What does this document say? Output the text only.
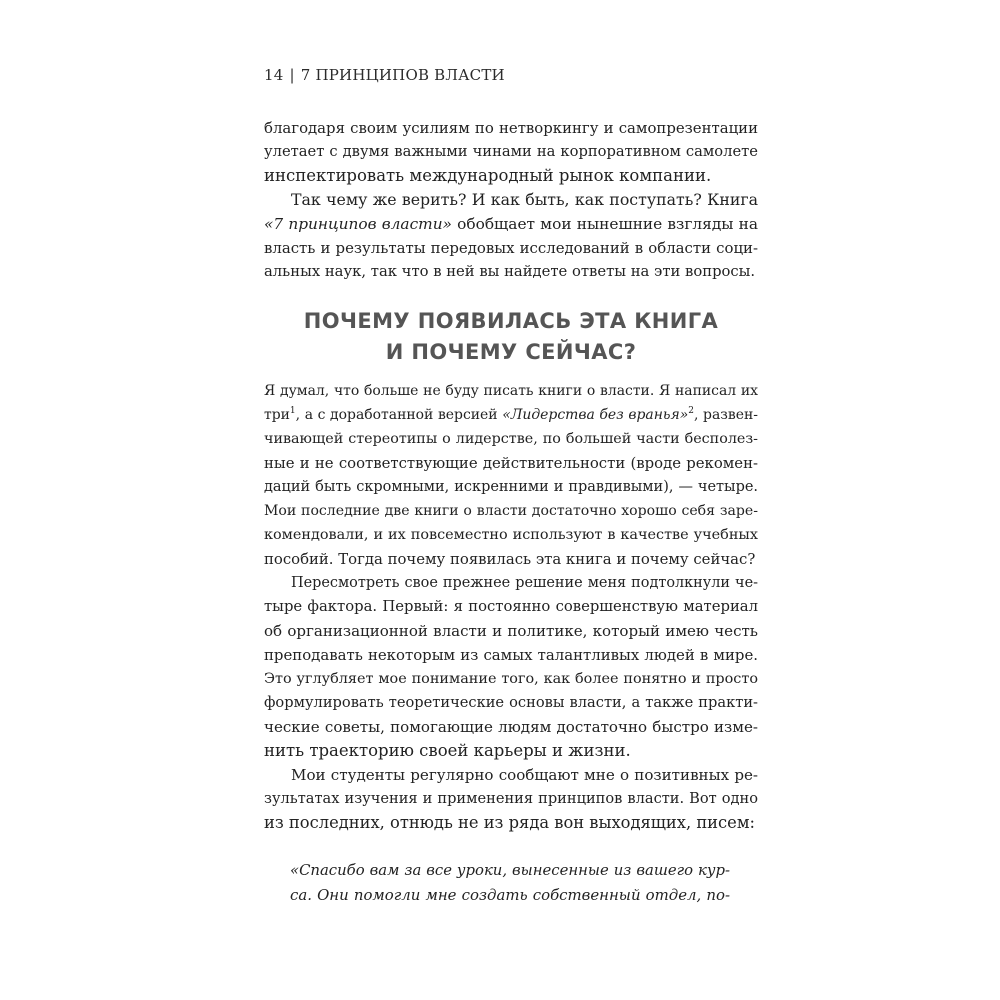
14 | 7 ПРИНЦИПОВ ВЛАСТИ
благодаря своим усилиям по нетворкингу и самопрезентации
улетает с двумя важными чинами на корпоративном самолете
инспектировать международный рынок компании.
Так чему же верить? И как быть, как поступать? Книга
«7 принципов власти» обобщает мои нынешние взгляды на
власть и результаты передовых исследований в области соци-
альных наук, так что в ней вы найдете ответы на эти вопросы.
ПОЧЕМУ ПОЯВИЛАСЬ ЭТА КНИГА
И ПОЧЕМУ СЕЙЧАС?
Я думал, что больше не буду писать книги о власти. Я написал их
три$^1$, а с доработанной версией «Лидерства без вранья»$^2$, развен-
чивающей стереотипы о лидерстве, по большей части бесполез-
ные и не соответствующие действительности (вроде рекомен-
даций быть скромными, искренними и правдивыми), — четыре.
Мои последние две книги о власти достаточно хорошо себя заре-
комендовали, и их повсеместно используют в качестве учебных
пособий. Тогда почему появилась эта книга и почему сейчас?
Пересмотреть свое прежнее решение меня подтолкнули че-
тыре фактора. Первый: я постоянно совершенствую материал
об организационной власти и политике, который имею честь
преподавать некоторым из самых талантливых людей в мире.
Это углубляет мое понимание того, как более понятно и просто
формулировать теоретические основы власти, а также практи-
ческие советы, помогающие людям достаточно быстро изме-
нить траекторию своей карьеры и жизни.
Мои студенты регулярно сообщают мне о позитивных ре-
зультатах изучения и применения принципов власти. Вот одно
из последних, отнюдь не из ряда вон выходящих, писем:
«Спасибо вам за все уроки, вынесенные из вашего кур-
са. Они помогли мне создать собственный отдел, по-
